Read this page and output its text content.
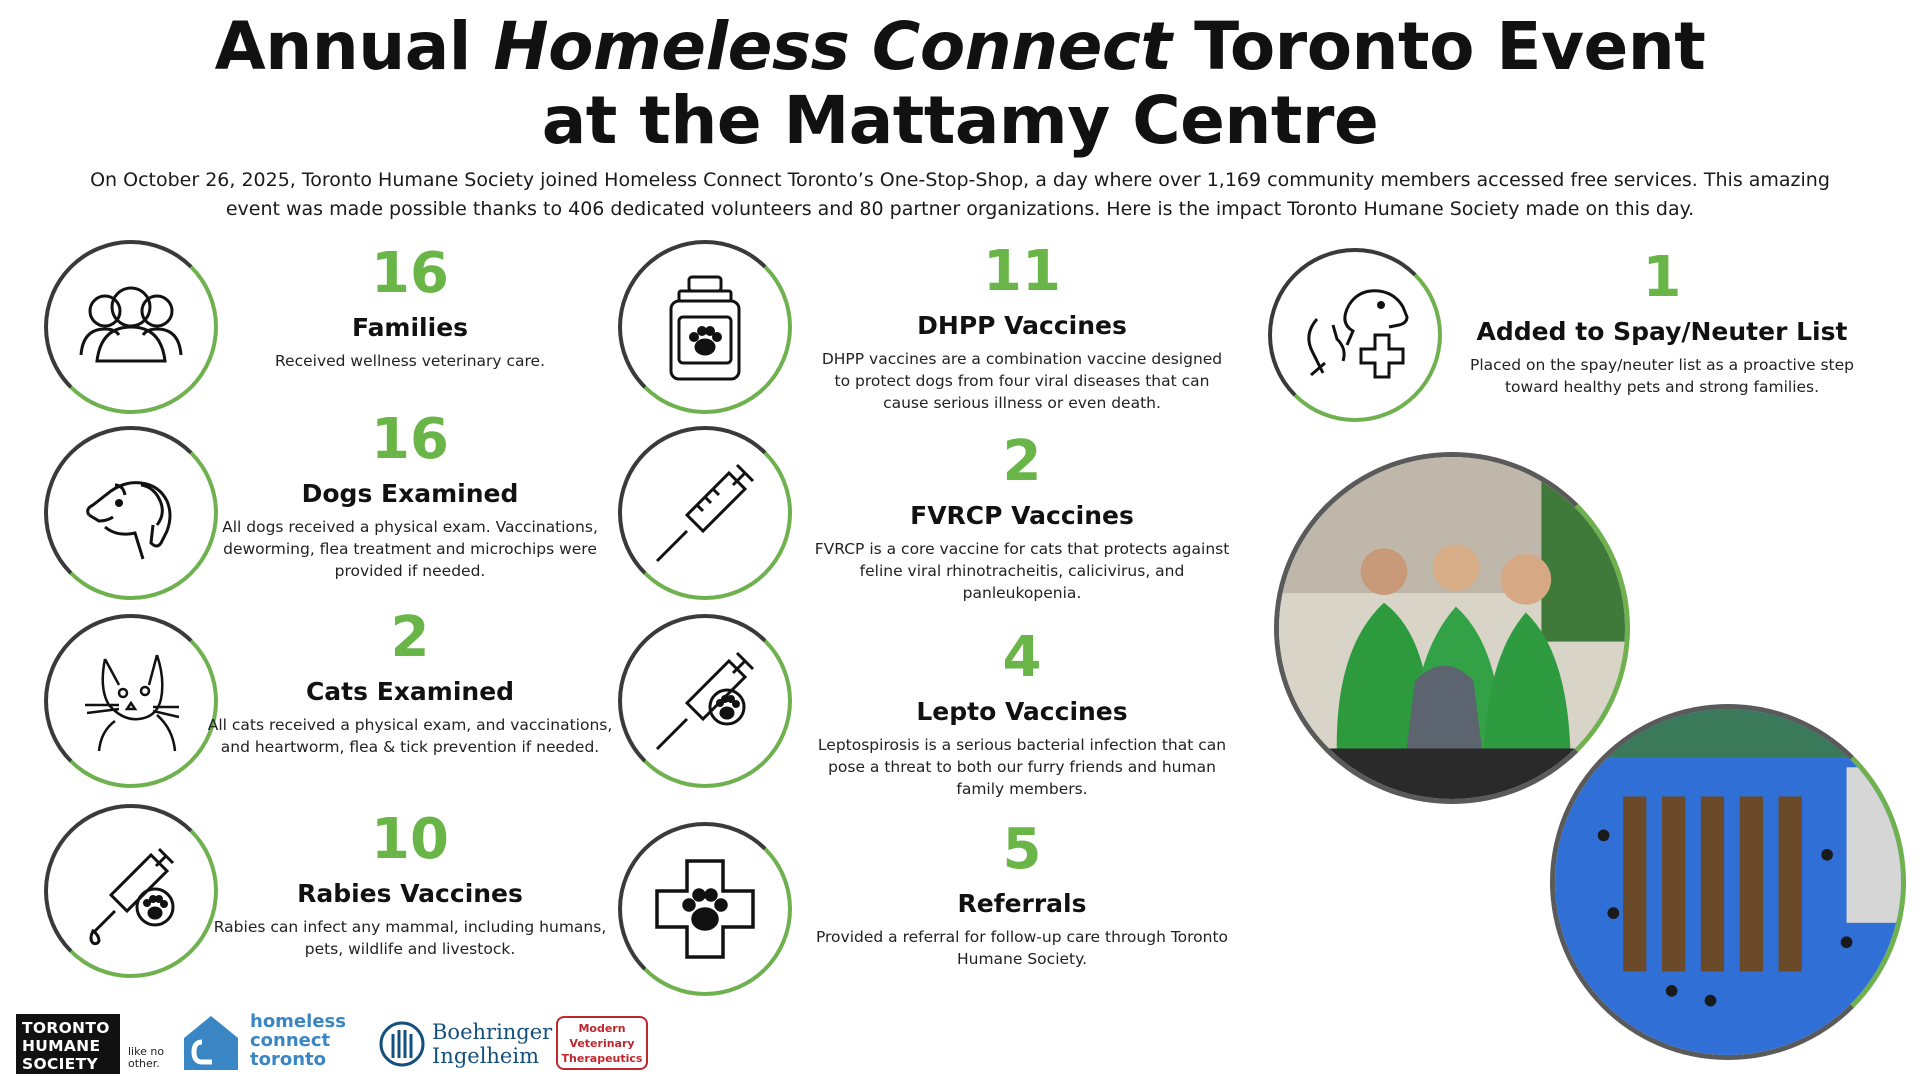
Annual Homeless Connect Toronto Event
at the Mattamy Centre
On October 26, 2025, Toronto Humane Society joined Homeless Connect Toronto’s One-Stop-Shop, a day where over 1,169 community members accessed free services. This amazing event was made possible thanks to 406 dedicated volunteers and 80 partner organizations. Here is the impact Toronto Humane Society made on this day.
16
Families
Received wellness veterinary care.
16
Dogs Examined
All dogs received a physical exam. Vaccinations, deworming, flea treatment and microchips were provided if needed.
2
Cats Examined
All cats received a physical exam, and vaccinations, and heartworm, flea & tick prevention if needed.
10
Rabies Vaccines
Rabies can infect any mammal, including humans, pets, wildlife and livestock.
11
DHPP Vaccines
DHPP vaccines are a combination vaccine designed to protect dogs from four viral diseases that can cause serious illness or even death.
2
FVRCP Vaccines
FVRCP is a core vaccine for cats that protects against feline viral rhinotracheitis, calicivirus, and panleukopenia.
4
Lepto Vaccines
Leptospirosis is a serious bacterial infection that can pose a threat to both our furry friends and human family members.
5
Referrals
Provided a referral for follow-up care through Toronto Humane Society.
1
Added to Spay/Neuter List
Placed on the spay/neuter list as a proactive step toward healthy pets and strong families.
TORONTO
HUMANE
SOCIETY
like no other.
homeless
connect
toronto
Boehringer
Ingelheim
Modern
Veterinary
Therapeutics
